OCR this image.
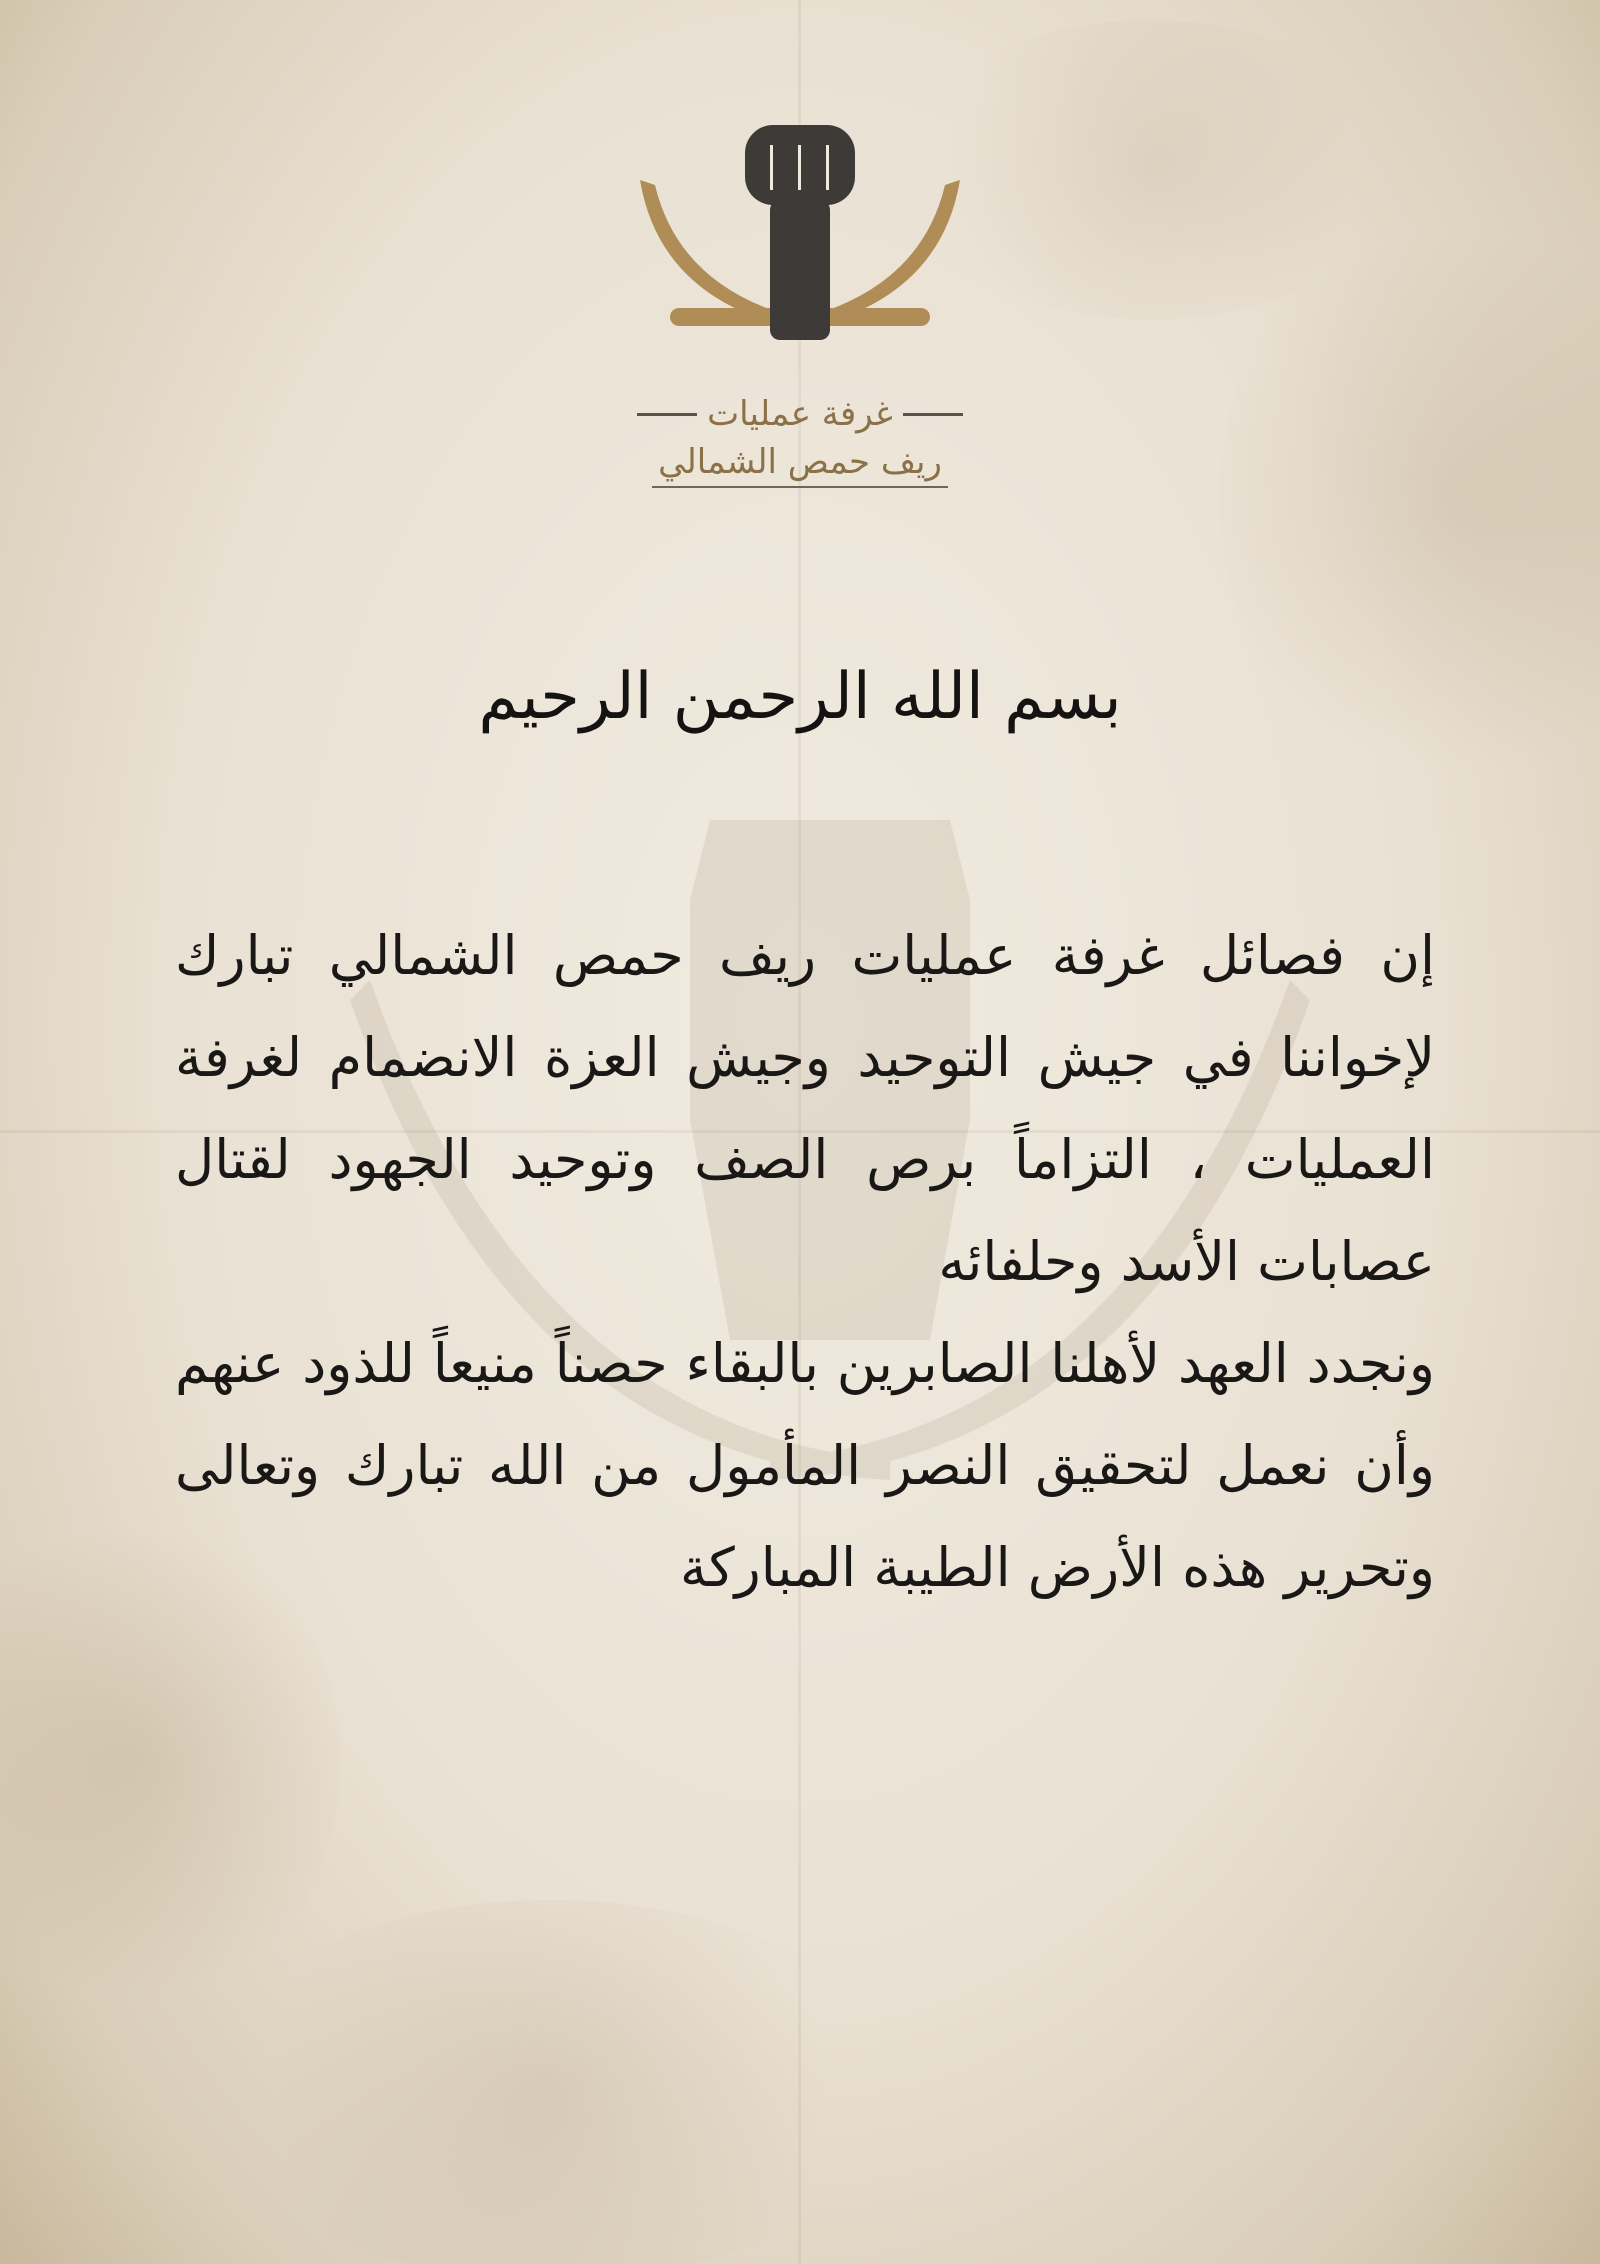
غرفة عمليات
ريف حمص الشمالي
بسم الله الرحمن الرحيم

إن فصائل غرفة عمليات ريف حمص الشمالي تبارك لإخواننا في جيش التوحيد وجيش العزة الانضمام لغرفة العمليات ، التزاماً برص الصف وتوحيد الجهود لقتال عصابات الأسد وحلفائه

ونجدد العهد لأهلنا الصابرين بالبقاء حصناً منيعاً للذود عنهم وأن نعمل لتحقيق النصر المأمول من الله تبارك وتعالى وتحرير هذه الأرض الطيبة المباركة
